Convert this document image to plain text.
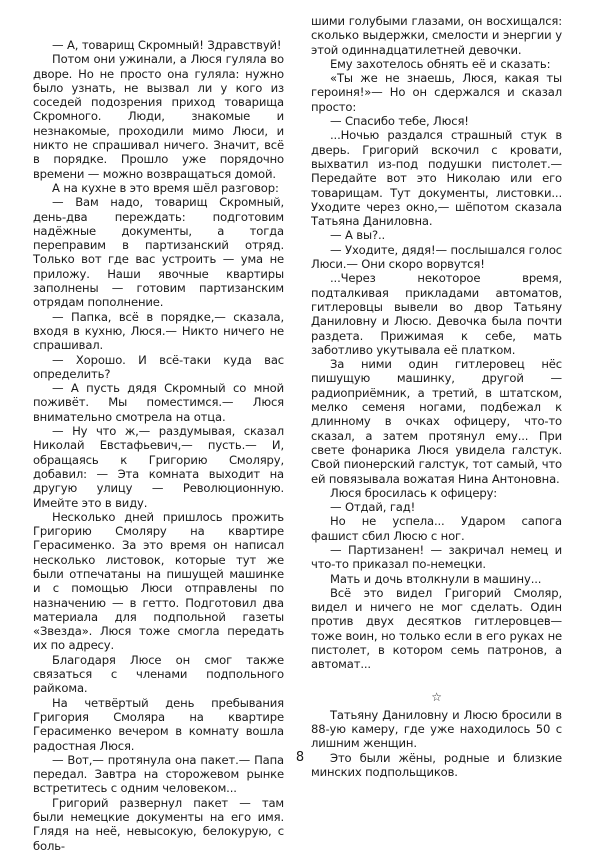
— А, товарищ Скромный! Здравствуй!

Потом они ужинали, а Люся гуляла во дворе. Но не просто она гуляла: нужно было узнать, не вызвал ли у кого из соседей подозрения приход товарища Скромного. Люди, знакомые и незнакомые, проходили мимо Люси, и никто не спрашивал ничего. Значит, всё в порядке. Прошло уже порядочно времени — можно возвращаться домой.

А на кухне в это время шёл разговор:

— Вам надо, товарищ Скромный, день-два переждать: подготовим надёжные документы, а тогда переправим в партизанский отряд. Только вот где вас устроить — ума не приложу. Наши явочные квартиры заполнены — готовим партизанским отрядам пополнение.

— Папка, всё в порядке,— сказала, входя в кухню, Люся.— Никто ничего не спрашивал.

— Хорошо. И всё-таки куда вас определить?

— А пусть дядя Скромный со мной поживёт. Мы поместимся.— Люся внимательно смотрела на отца.

— Ну что ж,— раздумывая, сказал Николай Евстафьевич,— пусть.— И, обращаясь к Григорию Смоляру, добавил: — Эта комната выходит на другую улицу — Революционную. Имейте это в виду.

Несколько дней пришлось прожить Григорию Смоляру на квартире Герасименко. За это время он написал несколько листовок, которые тут же были отпечатаны на пишущей машинке и с помощью Люси отправлены по назначению — в гетто. Подготовил два материала для подпольной газеты «Звезда». Люся тоже смогла передать их по адресу.

Благодаря Люсе он смог также связаться с членами подпольного райкома.

На четвёртый день пребывания Григория Смоляра на квартире Герасименко вечером в комнату вошла радостная Люся.

— Вот,— протянула она пакет.— Папа передал. Завтра на сторожевом рынке встретитесь с одним человеком...

Григорий развернул пакет — там были немецкие документы на его имя. Глядя на неё, невысокую, белокурую, с боль-

шими голубыми глазами, он восхищался: сколько выдержки, смелости и энергии у этой одиннадцатилетней девочки.

Ему захотелось обнять её и сказать:

«Ты же не знаешь, Люся, какая ты героиня!»— Но он сдержался и сказал просто:

— Спасибо тебе, Люся!

...Ночью раздался страшный стук в дверь. Григорий вскочил с кровати, выхватил из-под подушки пистолет.— Передайте вот это Николаю или его товарищам. Тут документы, листовки... Уходите через окно,— шёпотом сказала Татьяна Даниловна.

— А вы?..

— Уходите, дядя!— послышался голос Люси.— Они скоро ворвутся!

...Через некоторое время, подталкивая прикладами автоматов, гитлеровцы вывели во двор Татьяну Даниловну и Люсю. Девочка была почти раздета. Прижимая к себе, мать заботливо укутывала её платком.

За ними один гитлеровец нёс пишущую машинку, другой — радиоприёмник, а третий, в штатском, мелко семеня ногами, подбежал к длинному в очках офицеру, что-то сказал, а затем протянул ему... При свете фонарика Люся увидела галстук. Свой пионерский галстук, тот самый, что ей повязывала вожатая Нина Антоновна.

Люся бросилась к офицеру:

— Отдай, гад!

Но не успела... Ударом сапога фашист сбил Люсю с ног.

— Партизанен! — закричал немец и что-то приказал по-немецки.

Мать и дочь втолкнули в машину...

Всё это видел Григорий Смоляр, видел и ничего не мог сделать. Один против двух десятков гитлеровцев— тоже воин, но только если в его руках не пистолет, в котором семь патронов, а автомат...

☆

Татьяну Даниловну и Люсю бросили в 88-ую камеру, где уже находилось 50 с лишним женщин.

Это были жёны, родные и близкие минских подпольщиков.

8
